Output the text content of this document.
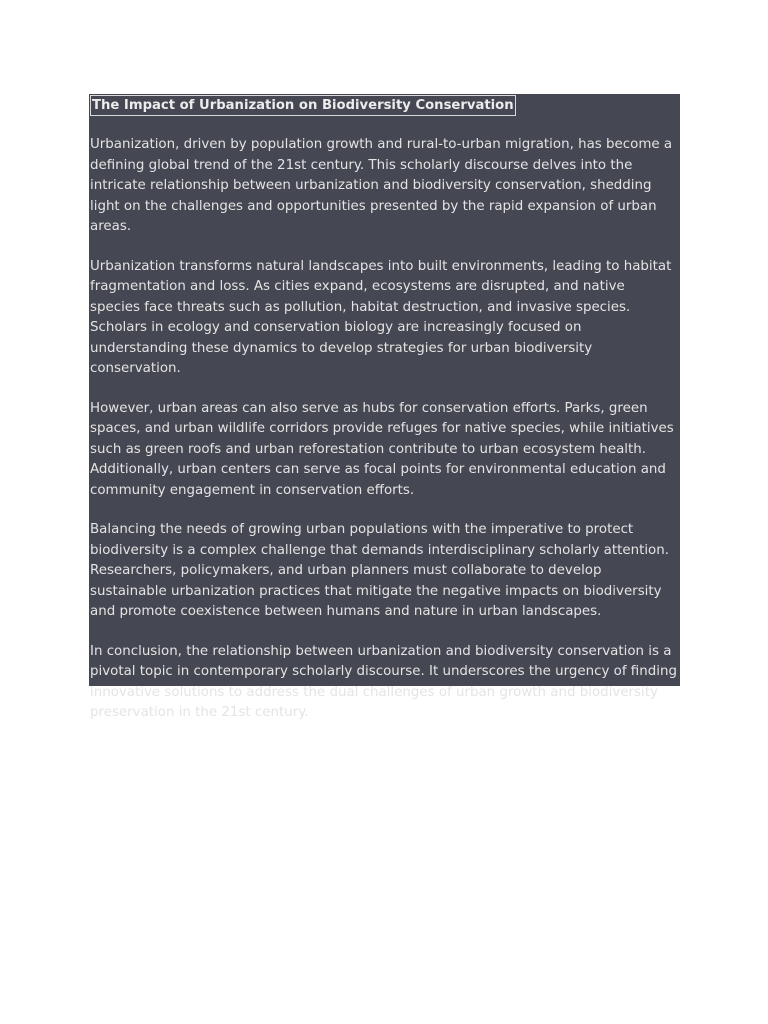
The Impact of Urbanization on Biodiversity Conservation

Urbanization, driven by population growth and rural-to-urban migration, has become a defining global trend of the 21st century. This scholarly discourse delves into the intricate relationship between urbanization and biodiversity conservation, shedding light on the challenges and opportunities presented by the rapid expansion of urban areas.

Urbanization transforms natural landscapes into built environments, leading to habitat fragmentation and loss. As cities expand, ecosystems are disrupted, and native species face threats such as pollution, habitat destruction, and invasive species. Scholars in ecology and conservation biology are increasingly focused on understanding these dynamics to develop strategies for urban biodiversity conservation.

However, urban areas can also serve as hubs for conservation efforts. Parks, green spaces, and urban wildlife corridors provide refuges for native species, while initiatives such as green roofs and urban reforestation contribute to urban ecosystem health. Additionally, urban centers can serve as focal points for environmental education and community engagement in conservation efforts.

Balancing the needs of growing urban populations with the imperative to protect biodiversity is a complex challenge that demands interdisciplinary scholarly attention. Researchers, policymakers, and urban planners must collaborate to develop sustainable urbanization practices that mitigate the negative impacts on biodiversity and promote coexistence between humans and nature in urban landscapes.

In conclusion, the relationship between urbanization and biodiversity conservation is a pivotal topic in contemporary scholarly discourse. It underscores the urgency of finding innovative solutions to address the dual challenges of urban growth and biodiversity preservation in the 21st century.
